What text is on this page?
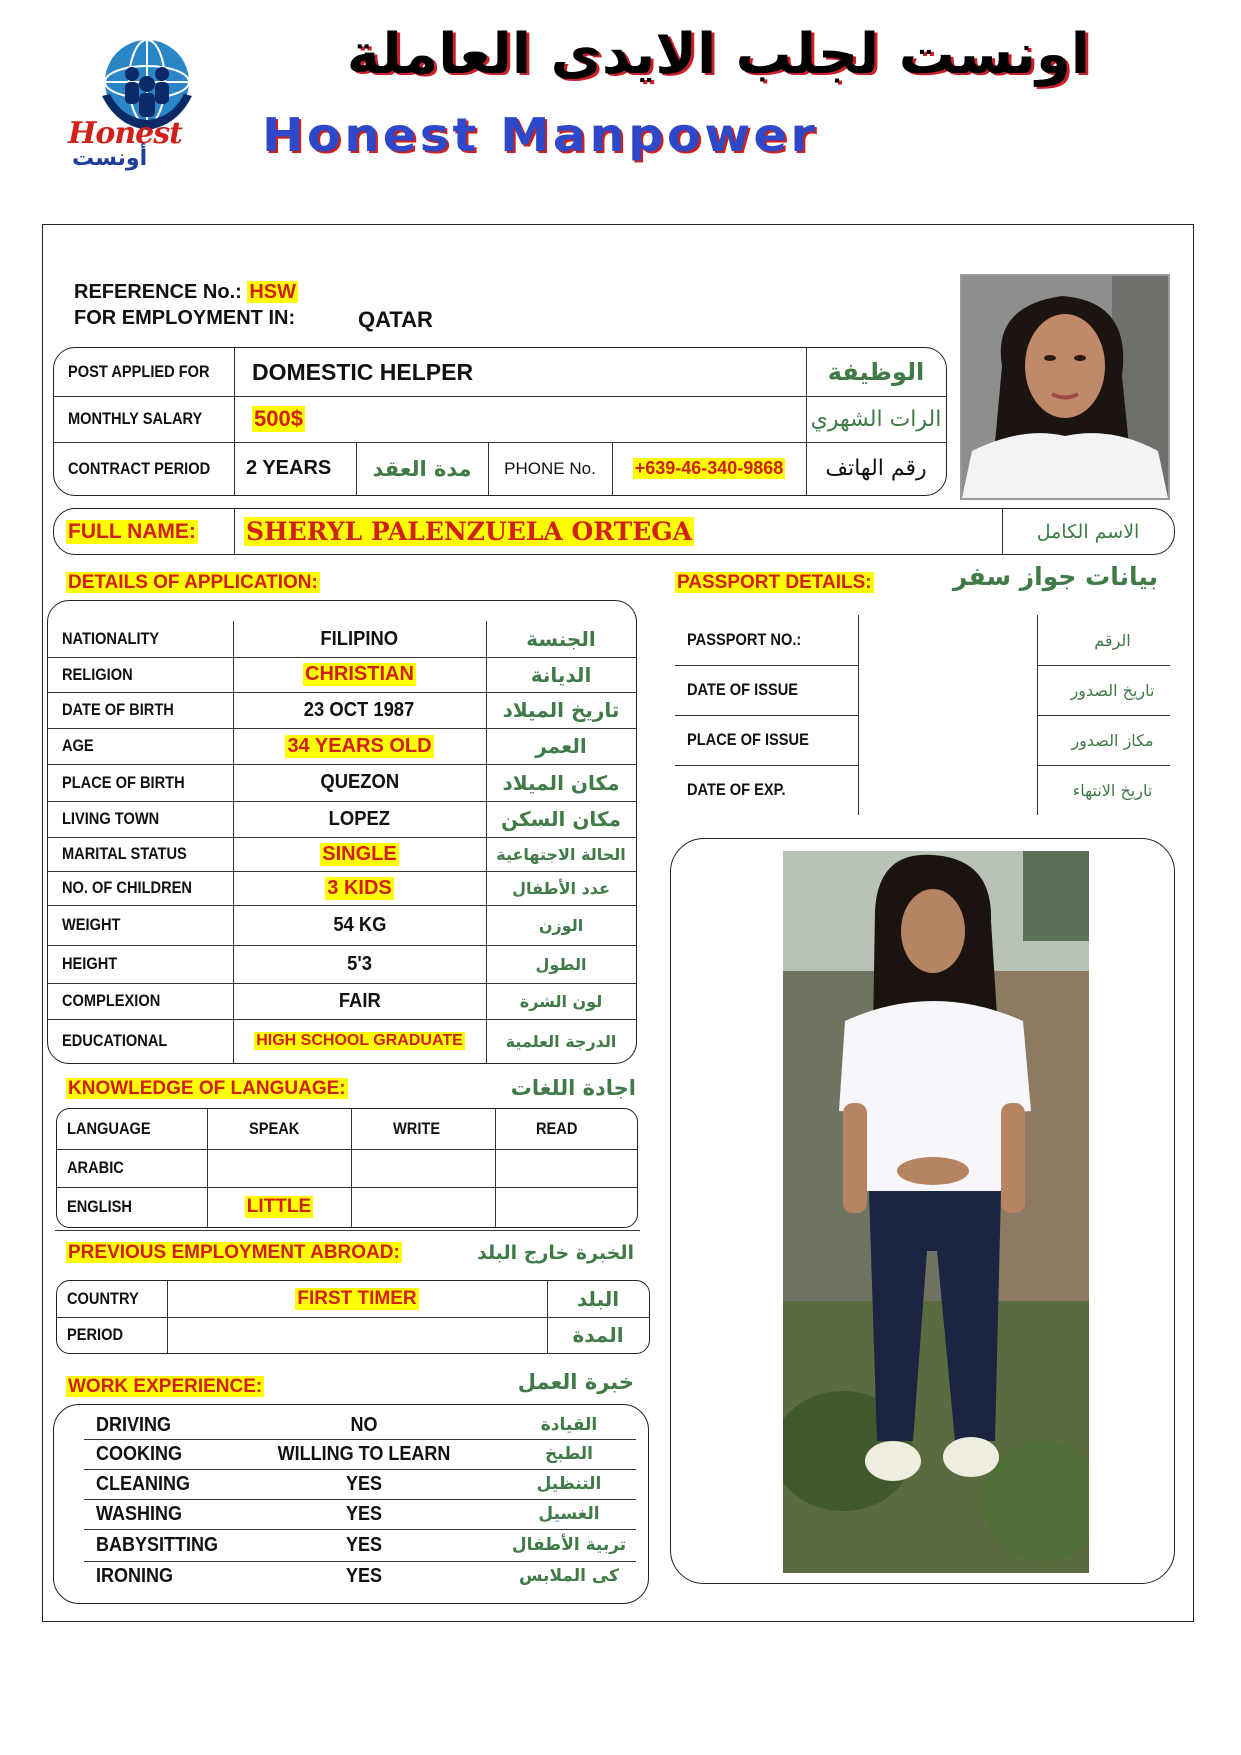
Honest
أونست
اونست لجلب الايدى العاملة
Honest Manpower
REFERENCE No.: HSW
FOR EMPLOYMENT IN:	QATAR
POST APPLIED FOR DOMESTIC HELPER	الوظيفة
MONTHLY SALARY 500$	الرات الشهري
CONTRACT PERIOD 2 YEARS	مدة العقد	PHONE No.	+639-46-340-9868	رقم الهاتف
FULL NAME: SHERYL PALENZUELA ORTEGA	الاسم الكامل
DETAILS OF APPLICATION:
NATIONALITY	FILIPINO	الجنسة
RELIGION	CHRISTIAN	الديانة
DATE OF BIRTH	23 OCT 1987	تاريخ الميلاد
AGE	34 YEARS OLD	العمر
PLACE OF BIRTH	QUEZON	مكان الميلاد
LIVING TOWN	LOPEZ	مكان السكن
MARITAL STATUS	SINGLE	الحالة الاجتهاعية
NO. OF CHILDREN	3 KIDS	عدد الأطفال
WEIGHT	54 KG	الوزن
HEIGHT	5'3	الطول
COMPLEXION	FAIR	لون الشرة
EDUCATIONAL	HIGH SCHOOL GRADUATE	الدرجة العلمية
PASSPORT DETAILS:	بيانات جواز سفر
PASSPORT NO.:	الرقم
DATE OF ISSUE	تاريخ الصدور
PLACE OF ISSUE	مكاز الصدور
DATE OF EXP.	تاريخ الانتهاء
KNOWLEDGE OF LANGUAGE:	اجادة اللغات
LANGUAGE	SPEAK	WRITE	READ
ARABIC
ENGLISH	LITTLE
PREVIOUS EMPLOYMENT ABROAD:	الخبرة خارج البلد
COUNTRY	FIRST TIMER	البلد
PERIOD	المدة
WORK EXPERIENCE:	خبرة العمل
DRIVING	NO	القيادة
COOKING	WILLING TO LEARN	الطبخ
CLEANING	YES	التنظيل
WASHING	YES	الغسيل
BABYSITTING	YES	تربية الأطفال
IRONING	YES	كى الملابس
